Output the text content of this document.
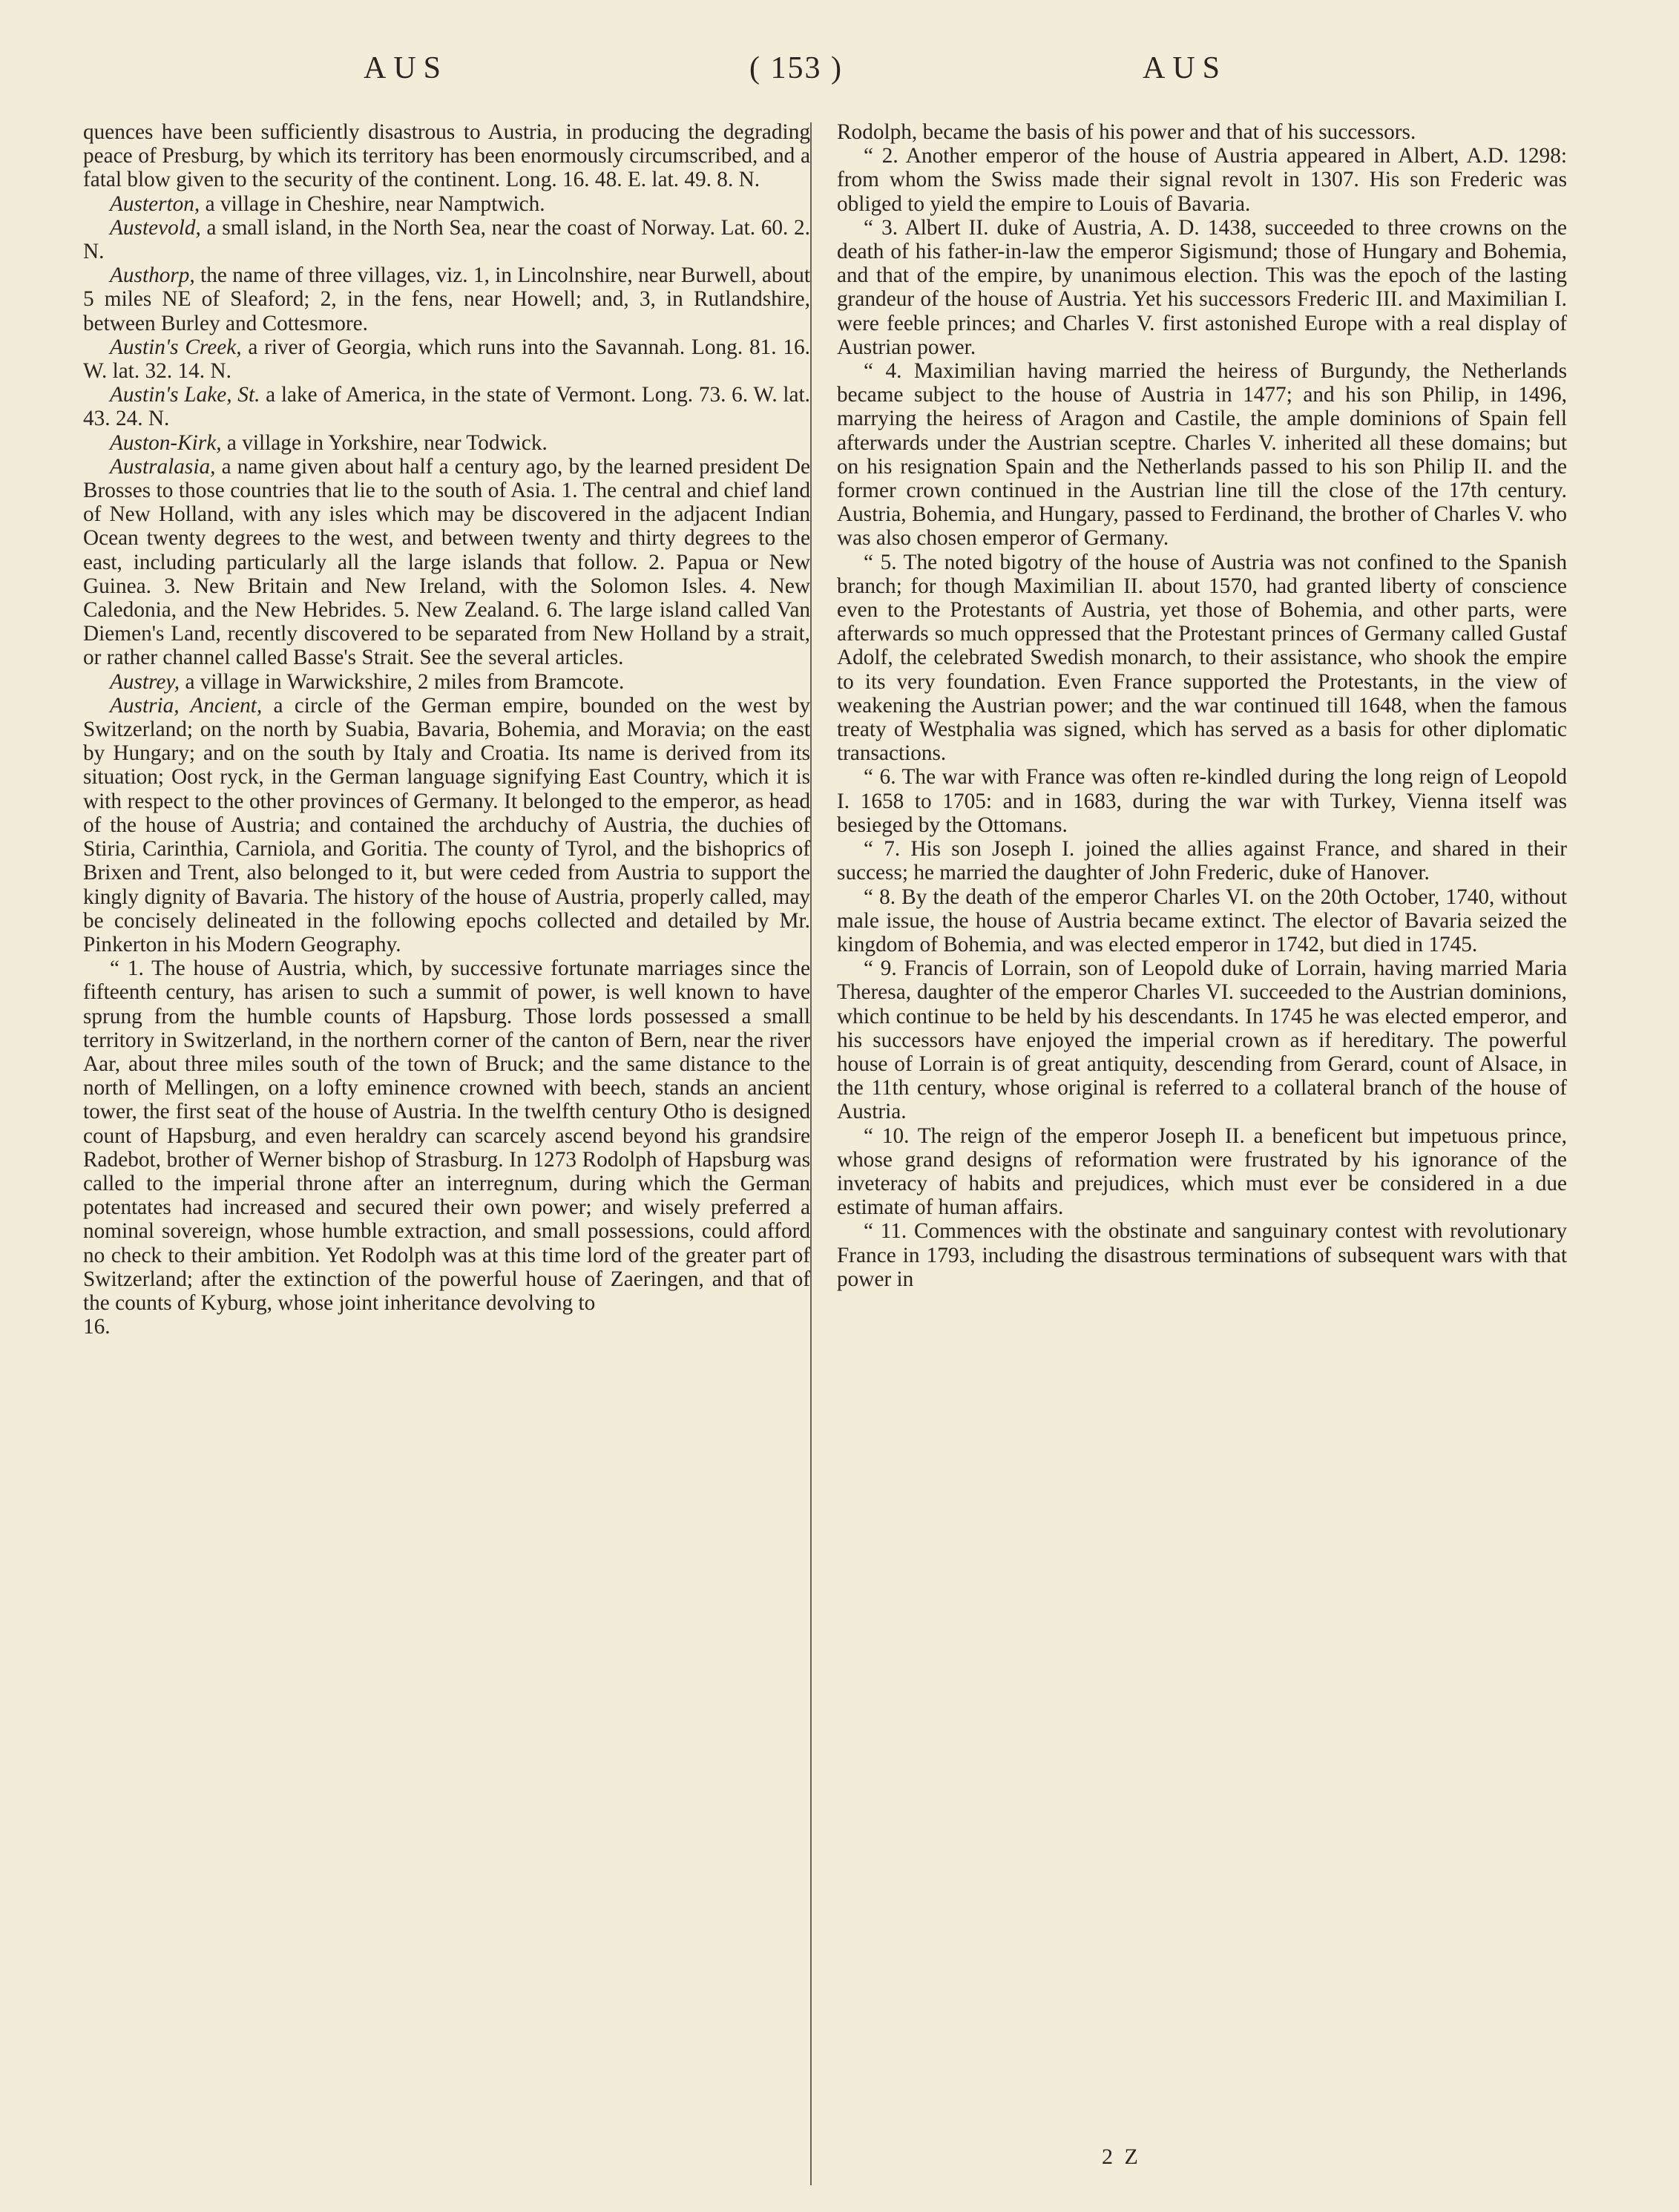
AUS	( 153 )	AUS

quences have been sufficiently disastrous to Austria, in producing the degrading peace of Presburg, by which its territory has been enormously circumscribed, and a fatal blow given to the security of the continent. Long. 16. 48. E. lat. 49. 8. N.

Austerton, a village in Cheshire, near Namptwich.

Austevold, a small island, in the North Sea, near the coast of Norway. Lat. 60. 2. N.

Austhorp, the name of three villages, viz. 1, in Lincolnshire, near Burwell, about 5 miles NE of Sleaford; 2, in the fens, near Howell; and, 3, in Rutlandshire, between Burley and Cottesmore.

Austin's Creek, a river of Georgia, which runs into the Savannah. Long. 81. 16. W. lat. 32. 14. N.

Austin's Lake, St. a lake of America, in the state of Vermont. Long. 73. 6. W. lat. 43. 24. N.

Auston-Kirk, a village in Yorkshire, near Todwick.

Australasia, a name given about half a century ago, by the learned president De Brosses to those countries that lie to the south of Asia. 1. The central and chief land of New Holland, with any isles which may be discovered in the adjacent Indian Ocean twenty degrees to the west, and between twenty and thirty degrees to the east, including particularly all the large islands that follow. 2. Papua or New Guinea. 3. New Britain and New Ireland, with the Solomon Isles. 4. New Caledonia, and the New Hebrides. 5. New Zealand. 6. The large island called Van Diemen's Land, recently discovered to be separated from New Holland by a strait, or rather channel called Basse's Strait. See the several articles.

Austrey, a village in Warwickshire, 2 miles from Bramcote.

Austria, Ancient, a circle of the German empire, bounded on the west by Switzerland; on the north by Suabia, Bavaria, Bohemia, and Moravia; on the east by Hungary; and on the south by Italy and Croatia. Its name is derived from its situation; Oost ryck, in the German language signifying East Country, which it is with respect to the other provinces of Germany. It belonged to the emperor, as head of the house of Austria; and contained the archduchy of Austria, the duchies of Stiria, Carinthia, Carniola, and Goritia. The county of Tyrol, and the bishoprics of Brixen and Trent, also belonged to it, but were ceded from Austria to support the kingly dignity of Bavaria. The history of the house of Austria, properly called, may be concisely delineated in the following epochs collected and detailed by Mr. Pinkerton in his Modern Geography.

“ 1. The house of Austria, which, by successive fortunate marriages since the fifteenth century, has arisen to such a summit of power, is well known to have sprung from the humble counts of Hapsburg. Those lords possessed a small territory in Switzerland, in the northern corner of the canton of Bern, near the river Aar, about three miles south of the town of Bruck; and the same distance to the north of Mellingen, on a lofty eminence crowned with beech, stands an ancient tower, the first seat of the house of Austria. In the twelfth century Otho is designed count of Hapsburg, and even heraldry can scarcely ascend beyond his grandsire Radebot, brother of Werner bishop of Strasburg. In 1273 Rodolph of Hapsburg was called to the imperial throne after an interregnum, during which the German potentates had increased and secured their own power; and wisely preferred a nominal sovereign, whose humble extraction, and small possessions, could afford no check to their ambition. Yet Rodolph was at this time lord of the greater part of Switzerland; after the extinction of the powerful house of Zaeringen, and that of the counts of Kyburg, whose joint inheritance devolving to

16.

Rodolph, became the basis of his power and that of his successors.

“ 2. Another emperor of the house of Austria appeared in Albert, A.D. 1298: from whom the Swiss made their signal revolt in 1307. His son Frederic was obliged to yield the empire to Louis of Bavaria.

“ 3. Albert II. duke of Austria, A. D. 1438, succeeded to three crowns on the death of his father-in-law the emperor Sigismund; those of Hungary and Bohemia, and that of the empire, by unanimous election. This was the epoch of the lasting grandeur of the house of Austria. Yet his successors Frederic III. and Maximilian I. were feeble princes; and Charles V. first astonished Europe with a real display of Austrian power.

“ 4. Maximilian having married the heiress of Burgundy, the Netherlands became subject to the house of Austria in 1477; and his son Philip, in 1496, marrying the heiress of Aragon and Castile, the ample dominions of Spain fell afterwards under the Austrian sceptre. Charles V. inherited all these domains; but on his resignation Spain and the Netherlands passed to his son Philip II. and the former crown continued in the Austrian line till the close of the 17th century. Austria, Bohemia, and Hungary, passed to Ferdinand, the brother of Charles V. who was also chosen emperor of Germany.

“ 5. The noted bigotry of the house of Austria was not confined to the Spanish branch; for though Maximilian II. about 1570, had granted liberty of conscience even to the Protestants of Austria, yet those of Bohemia, and other parts, were afterwards so much oppressed that the Protestant princes of Germany called Gustaf Adolf, the celebrated Swedish monarch, to their assistance, who shook the empire to its very foundation. Even France supported the Protestants, in the view of weakening the Austrian power; and the war continued till 1648, when the famous treaty of Westphalia was signed, which has served as a basis for other diplomatic transactions.

“ 6. The war with France was often re-kindled during the long reign of Leopold I. 1658 to 1705: and in 1683, during the war with Turkey, Vienna itself was besieged by the Ottomans.

“ 7. His son Joseph I. joined the allies against France, and shared in their success; he married the daughter of John Frederic, duke of Hanover.

“ 8. By the death of the emperor Charles VI. on the 20th October, 1740, without male issue, the house of Austria became extinct. The elector of Bavaria seized the kingdom of Bohemia, and was elected emperor in 1742, but died in 1745.

“ 9. Francis of Lorrain, son of Leopold duke of Lorrain, having married Maria Theresa, daughter of the emperor Charles VI. succeeded to the Austrian dominions, which continue to be held by his descendants. In 1745 he was elected emperor, and his successors have enjoyed the imperial crown as if hereditary. The powerful house of Lorrain is of great antiquity, descending from Gerard, count of Alsace, in the 11th century, whose original is referred to a collateral branch of the house of Austria.

“ 10. The reign of the emperor Joseph II. a beneficent but impetuous prince, whose grand designs of reformation were frustrated by his ignorance of the inveteracy of habits and prejudices, which must ever be considered in a due estimate of human affairs.

“ 11. Commences with the obstinate and sanguinary contest with revolutionary France in 1793, including the disastrous terminations of subsequent wars with that power in

2 Z
